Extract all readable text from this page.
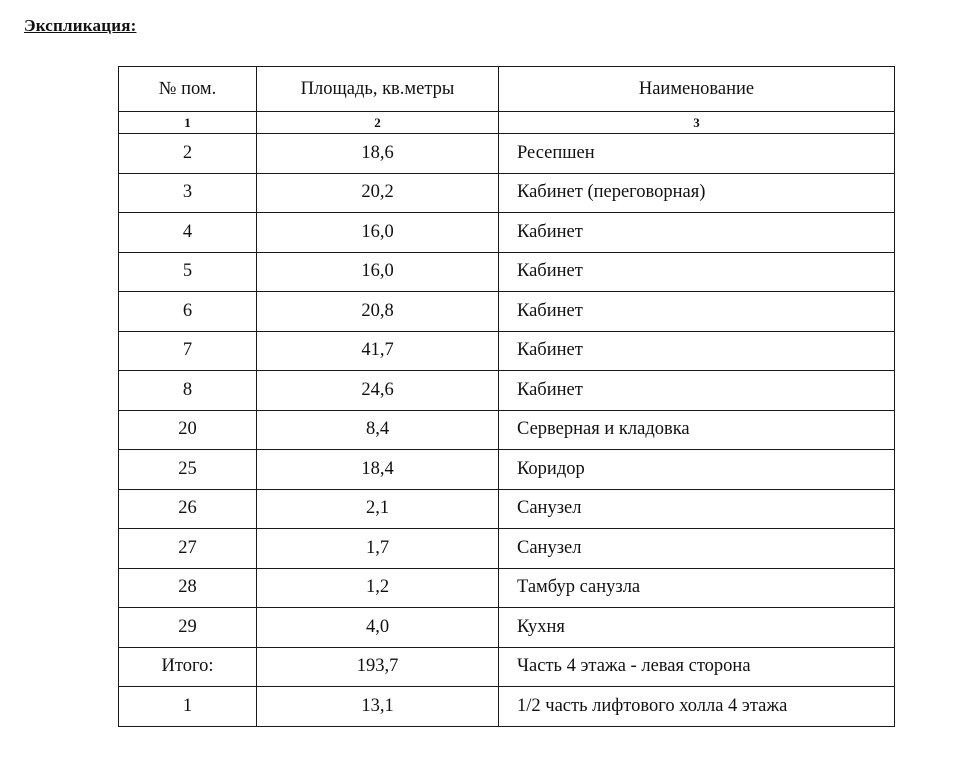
Экспликация:
№ пом.	Площадь, кв.метры	Наименование
1	2	3
2	18,6	Ресепшен
3	20,2	Кабинет (переговорная)
4	16,0	Кабинет
5	16,0	Кабинет
6	20,8	Кабинет
7	41,7	Кабинет
8	24,6	Кабинет
20	8,4	Серверная и кладовка
25	18,4	Коридор
26	2,1	Санузел
27	1,7	Санузел
28	1,2	Тамбур санузла
29	4,0	Кухня
Итого:	193,7	Часть 4 этажа - левая сторона
1	13,1	1/2 часть лифтового холла 4 этажа
